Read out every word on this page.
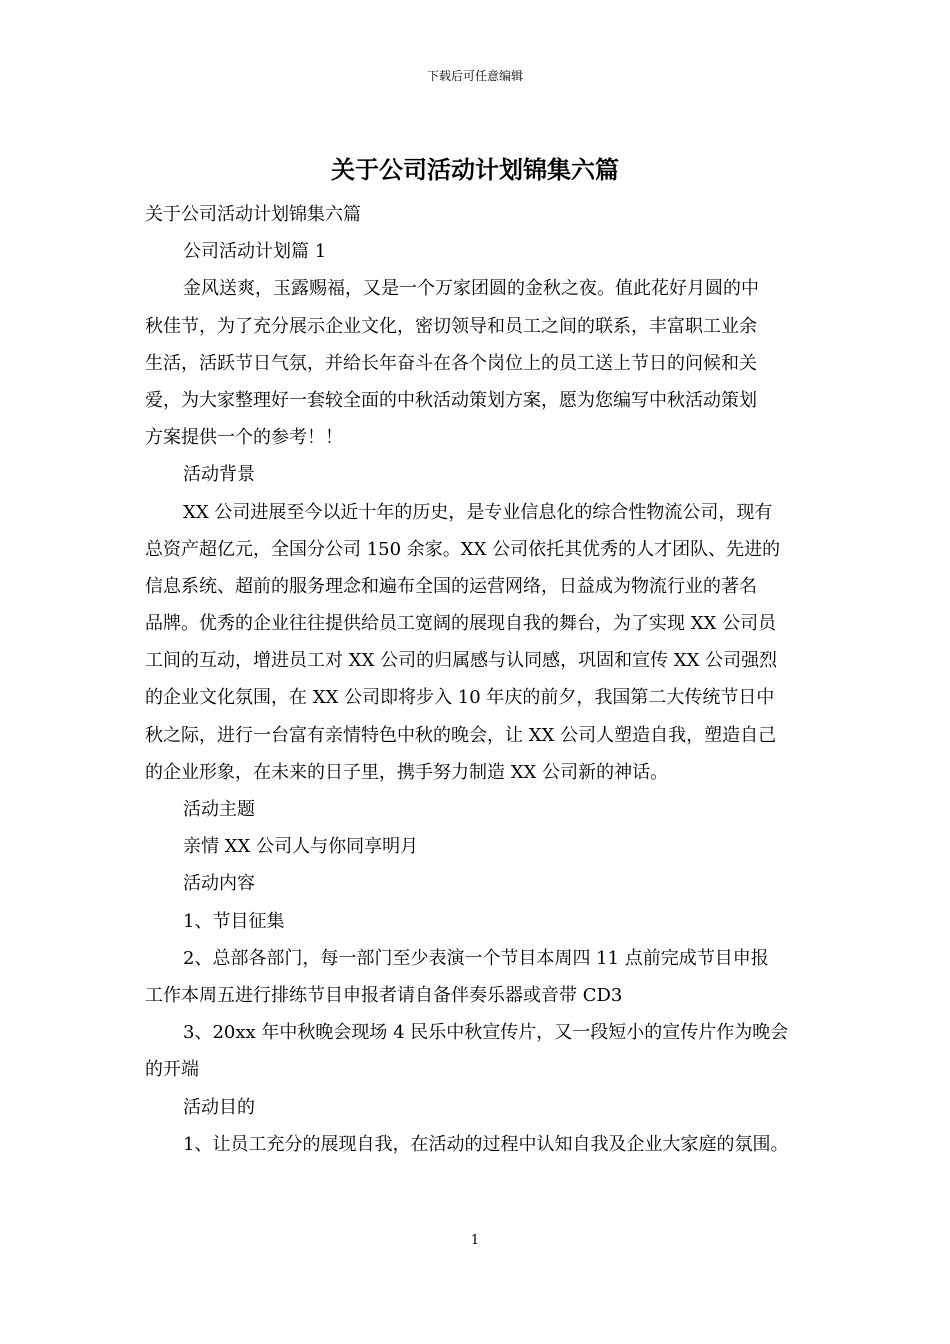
下载后可任意编辑
关于公司活动计划锦集六篇
关于公司活动计划锦集六篇
公司活动计划篇 1
金风送爽，玉露赐福，又是一个万家团圆的金秋之夜。值此花好月圆的中
秋佳节，为了充分展示企业文化，密切领导和员工之间的联系，丰富职工业余
生活，活跃节日气氛，并给长年奋斗在各个岗位上的员工送上节日的问候和关
爱，为大家整理好一套较全面的中秋活动策划方案，愿为您编写中秋活动策划
方案提供一个的参考！！
活动背景
XX 公司进展至今以近十年的历史，是专业信息化的综合性物流公司，现有
总资产超亿元，全国分公司 150 余家。XX 公司依托其优秀的人才团队、先进的
信息系统、超前的服务理念和遍布全国的运营网络，日益成为物流行业的著名
品牌。优秀的企业往往提供给员工宽阔的展现自我的舞台，为了实现 XX 公司员
工间的互动，增进员工对 XX 公司的归属感与认同感，巩固和宣传 XX 公司强烈
的企业文化氛围，在 XX 公司即将步入 10 年庆的前夕，我国第二大传统节日中
秋之际，进行一台富有亲情特色中秋的晚会，让 XX 公司人塑造自我，塑造自己
的企业形象，在未来的日子里，携手努力制造 XX 公司新的神话。
活动主题
亲情 XX 公司人与你同享明月
活动内容
1、节目征集
2、总部各部门，每一部门至少表演一个节目本周四 11 点前完成节目申报
工作本周五进行排练节目申报者请自备伴奏乐器或音带 CD3
3、20xx 年中秋晚会现场 4 民乐中秋宣传片，又一段短小的宣传片作为晚会
的开端
活动目的
1、让员工充分的展现自我，在活动的过程中认知自我及企业大家庭的氛围。
1
